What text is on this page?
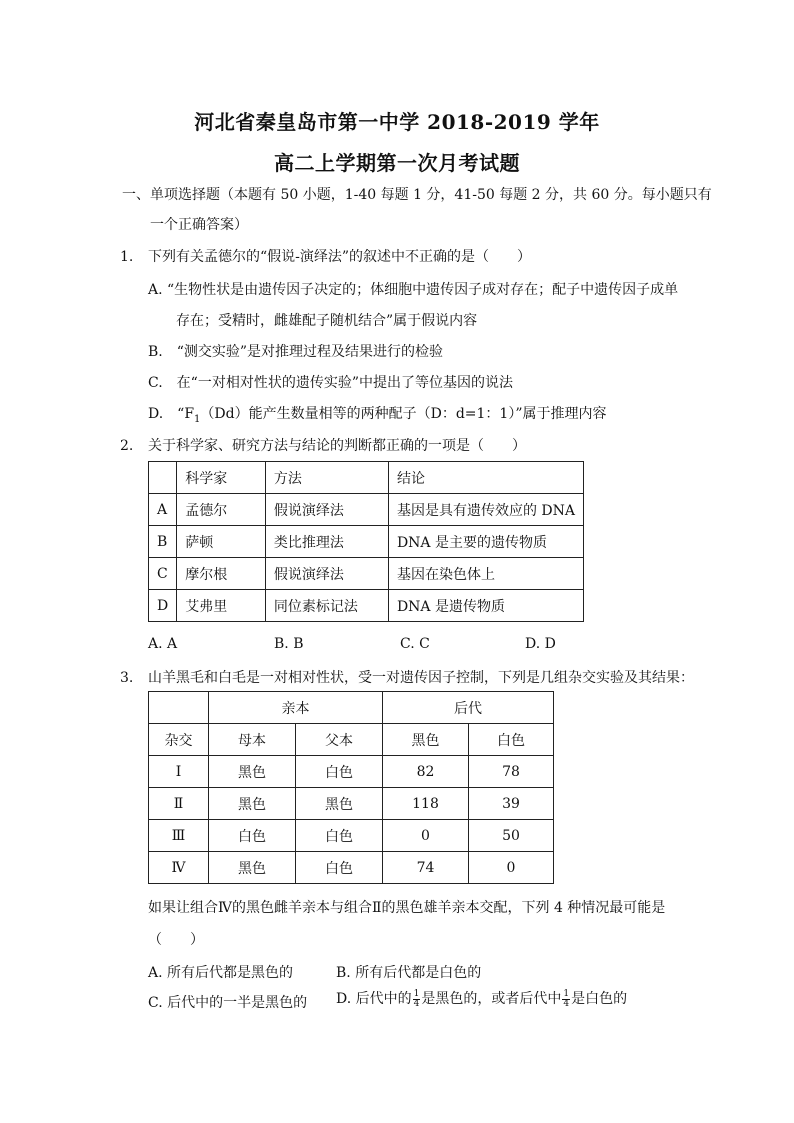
河北省秦皇岛市第一中学 2018-2019 学年
高二上学期第一次月考试题
一、单项选择题（本题有 50 小题，1-40 每题 1 分，41-50 每题 2 分，共 60 分。每小题只有
一个正确答案）
1. 下列有关孟德尔的“假说-演绎法”的叙述中不正确的是（　　）
A. “生物性状是由遗传因子决定的；体细胞中遗传因子成对存在；配子中遗传因子成单
存在；受精时，雌雄配子随机结合”属于假说内容
B.　“测交实验”是对推理过程及结果进行的检验
C.　在“一对相对性状的遗传实验”中提出了等位基因的说法
D.　“$F_1(Dd)$能产生数量相等的两种配子（D：d=1：1）”属于推理内容
2. 关于科学家、研究方法与结论的判断都正确的一项是（　　）
	科学家	方法	结论
A	孟德尔	假说演绎法	基因是具有遗传效应的 DNA
B	萨顿	类比推理法	DNA 是主要的遗传物质
C	摩尔根	假说演绎法	基因在染色体上
D	艾弗里	同位素标记法	DNA 是遗传物质
A. A	B. B	C. C	D. D
3. 山羊黑毛和白毛是一对相对性状，受一对遗传因子控制，下列是几组杂交实验及其结果：
	亲本		后代	
杂交	母本	父本	黑色	白色
Ⅰ	黑色	白色	82	78
Ⅱ	黑色	黑色	118	39
Ⅲ	白色	白色	0	50
Ⅳ	黑色	白色	74	0
如果让组合Ⅳ的黑色雌羊亲本与组合Ⅱ的黑色雄羊亲本交配，下列 4 种情况最可能是
（　　）
A. 所有后代都是黑色的	B. 所有后代都是白色的
C. 后代中的一半是黑色的 D. 后代中的 $\frac{1}{4}$ 是黑色的，或者后代中 $\frac{1}{4}$ 是白色的
